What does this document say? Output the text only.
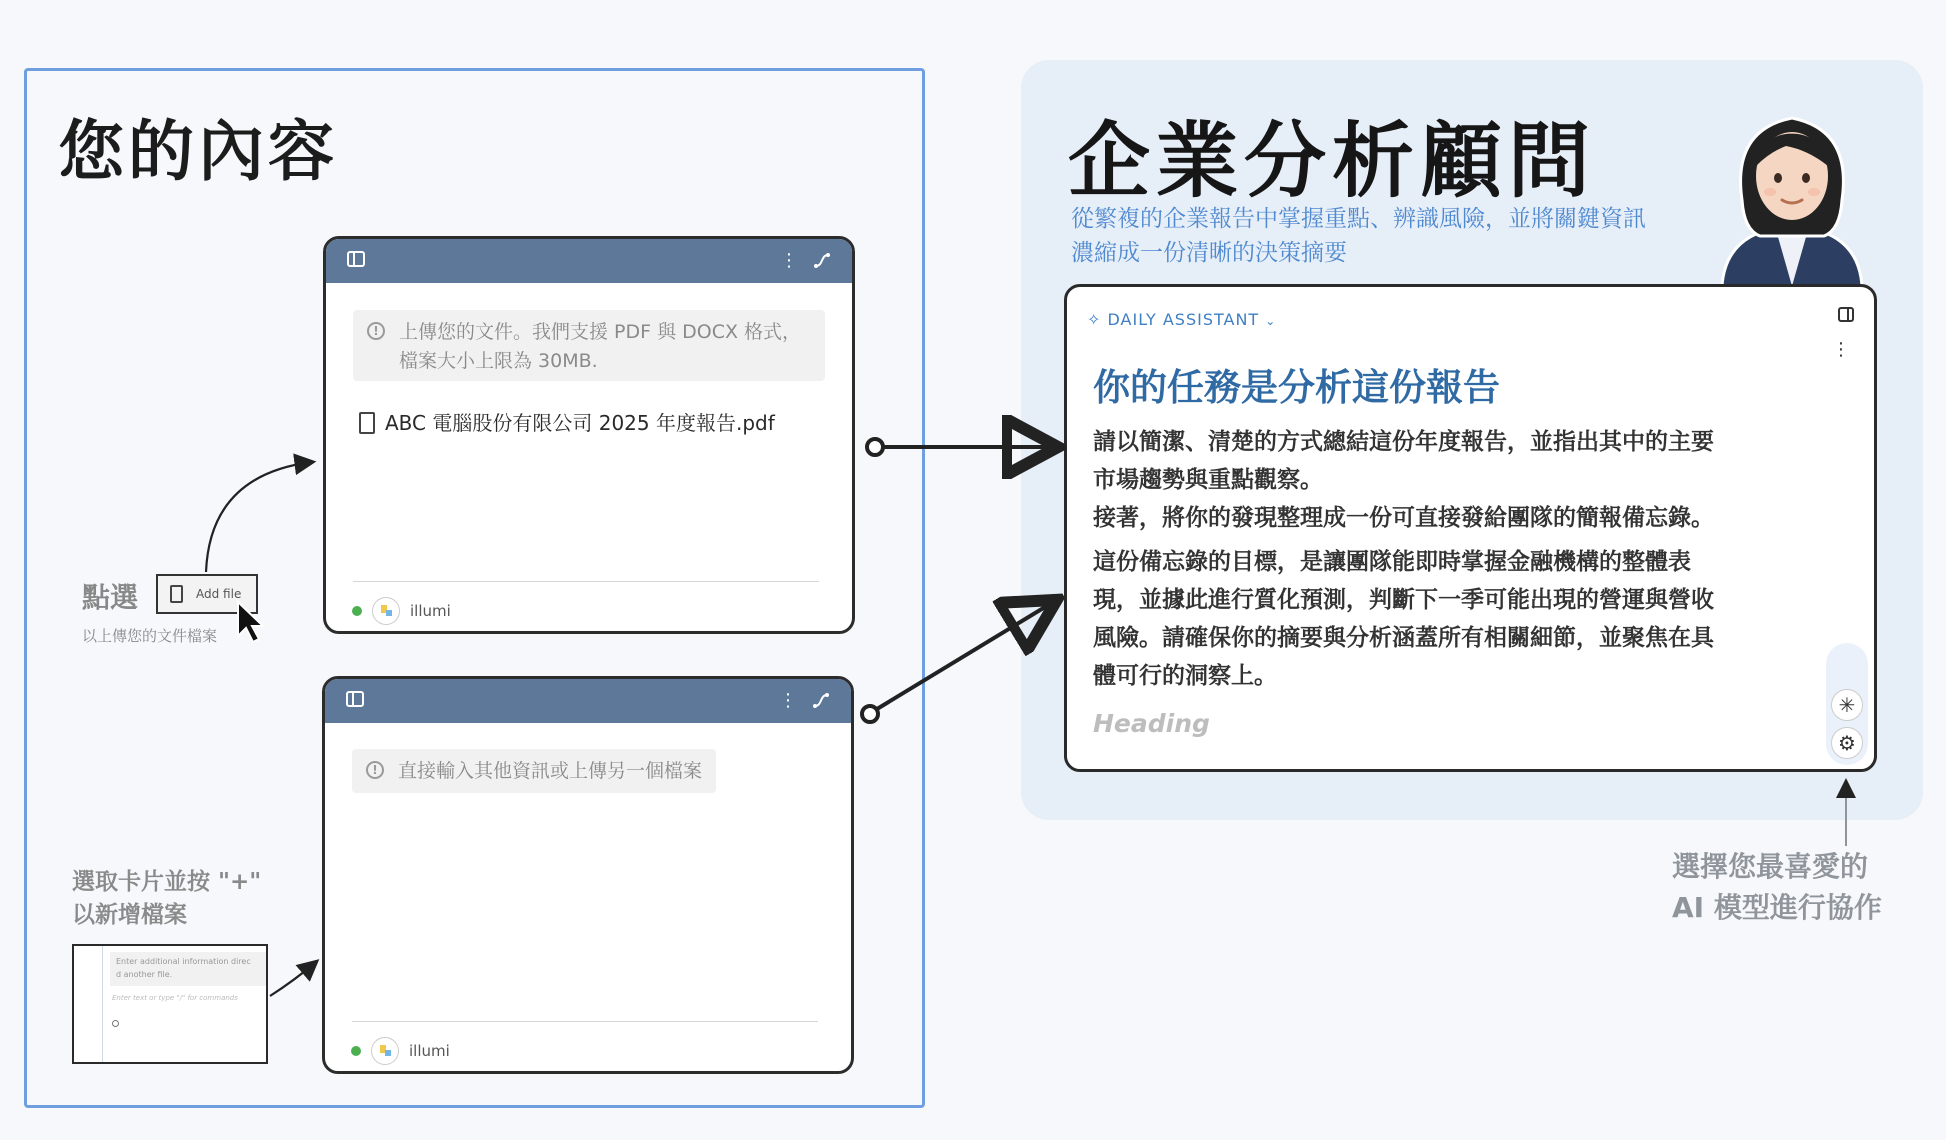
您的內容
⋮
!	上傳您的文件。我們支援 PDF 與 DOCX 格式，
檔案大小上限為 30MB.
ABC 電腦股份有限公司 2025 年度報告.pdf
illumi
⋮
!	直接輸入其他資訊或上傳另一個檔案
illumi
點選	Add file
以上傳您的文件檔案
選取卡片並按 "+"
以新增檔案
Enter additional information direc
d another file.
Enter text or type "/" for commands
企業分析顧問
從繁複的企業報告中掌握重點、辨識風險，並將關鍵資訊
濃縮成一份清晰的決策摘要
✧ DAILY ASSISTANT ⌄
⋮
你的任務是分析這份報告
請以簡潔、清楚的方式總結這份年度報告，並指出其中的主要
市場趨勢與重點觀察。
接著，將你的發現整理成一份可直接發給團隊的簡報備忘錄。
這份備忘錄的目標，是讓團隊能即時掌握金融機構的整體表
現，並據此進行質化預測，判斷下一季可能出現的營運與營收
風險。請確保你的摘要與分析涵蓋所有相關細節，並聚焦在具
體可行的洞察上。
Heading
✳
⚙
選擇您最喜愛的
AI 模型進行協作
